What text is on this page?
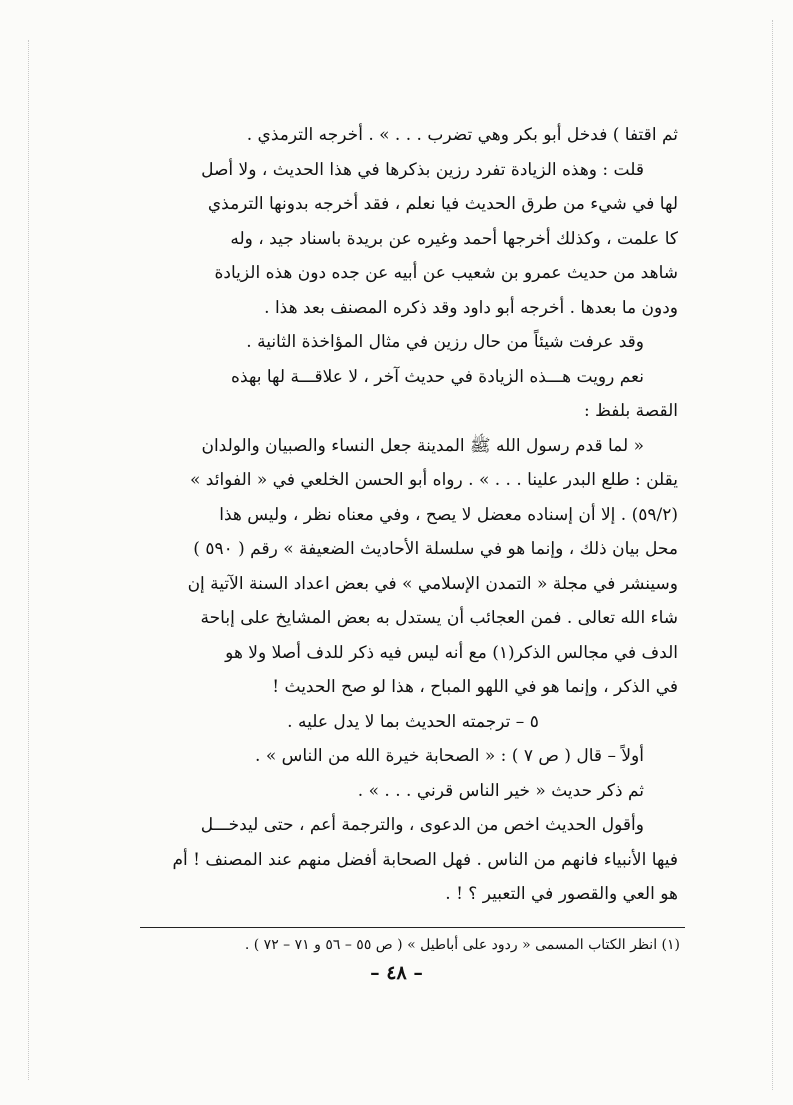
ثم اقتفا ) فدخل أبو بكر وهي تضرب . . . » . أخرجه الترمذي .

قلت : وهذه الزيادة تفرد رزين بذكرها في هذا الحديث ، ولا أصل

لها في شيء من طرق الحديث فيا نعلم ، فقد أخرجه بدونها الترمذي

كا علمت ، وكذلك أخرجها أحمد وغيره عن بريدة باسناد جيد ، وله

شاهد من حديث عمرو بن شعيب عن أبيه عن جده دون هذه الزيادة

ودون ما بعدها . أخرجه أبو داود وقد ذكره المصنف بعد هذا .

وقد عرفت شيئاً من حال رزين في مثال المؤاخذة الثانية .

نعم رويت هـــذه الزيادة في حديث آخر ، لا علاقـــة لها بهذه

القصة بلفظ :

« لما قدم رسول الله ﷺ المدينة جعل النساء والصبيان والولدان

يقلن : طلع البدر علينا . . . » . رواه أبو الحسن الخلعي في « الفوائد »

(٥٩/٢) . إلا أن إسناده معضل لا يصح ، وفي معناه نظر ، وليس هذا

محل بيان ذلك ، وإنما هو في سلسلة الأحاديث الضعيفة » رقم ( ٥٩٠ )

وسينشر في مجلة « التمدن الإسلامي » في بعض اعداد السنة الآتية إن

شاء الله تعالى . فمن العجائب أن يستدل به بعض المشايخ على إباحة

الدف في مجالس الذكر(١) مع أنه ليس فيه ذكر للدف أصلا ولا هو

في الذكر ، وإنما هو في اللهو المباح ، هذا لو صح الحديث !

٥ – ترجمته الحديث بما لا يدل عليه .

أولاً – قال ( ص ٧ ) : « الصحابة خيرة الله من الناس » .

ثم ذكر حديث « خير الناس قرني . . . » .

وأقول الحديث اخص من الدعوى ، والترجمة أعم ، حتى ليدخـــل

فيها الأنبياء فانهم من الناس . فهل الصحابة أفضل منهم عند المصنف ! أم

هو العي والقصور في التعبير ؟ ! .

(١) انظر الكتاب المسمى « ردود على أباطيل » ( ص ٥٥ – ٥٦ و ٧١ – ٧٢ ) .
– ٤٨ –
